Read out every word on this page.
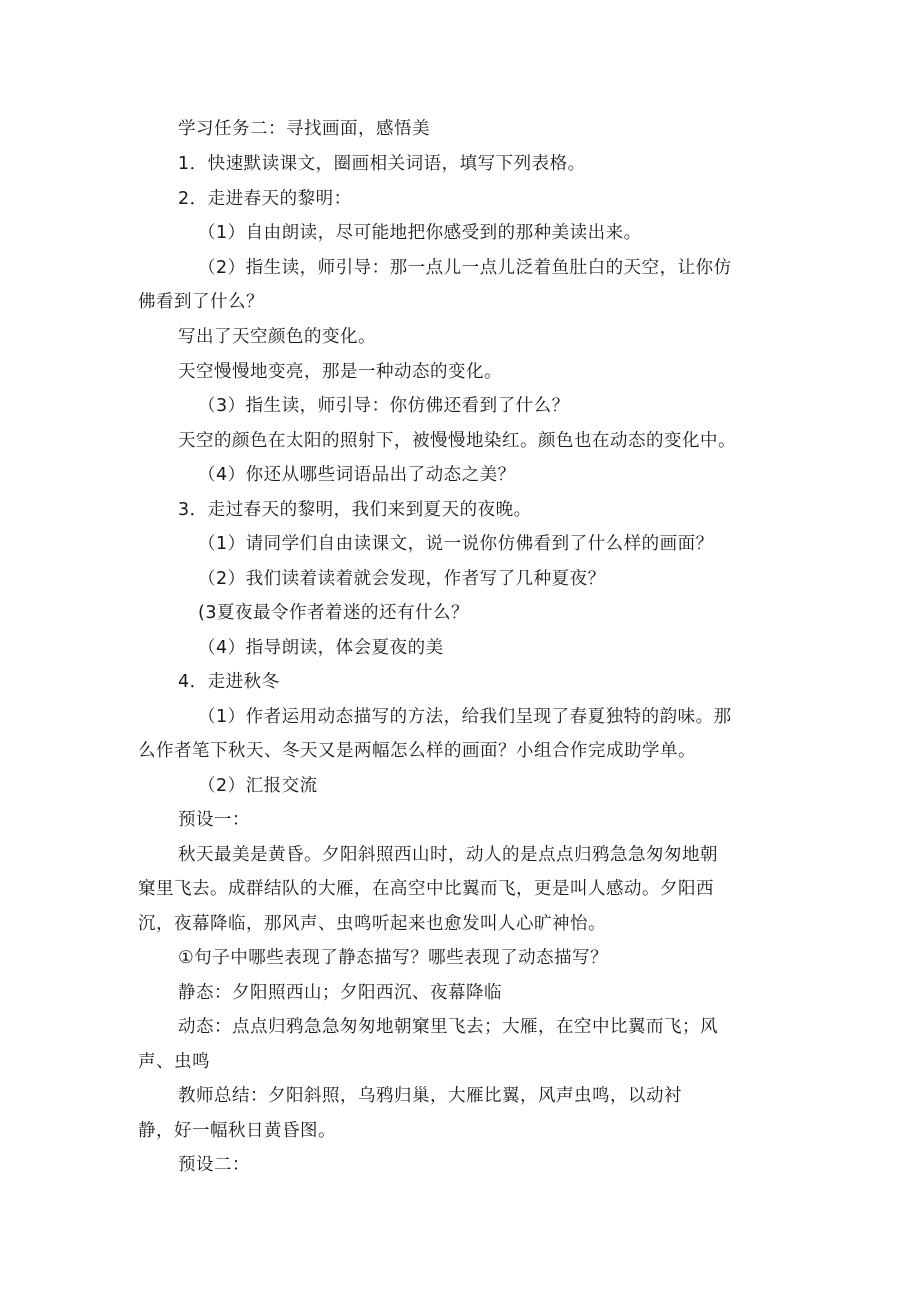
学习任务二：寻找画面，感悟美
1．快速默读课文，圈画相关词语，填写下列表格。
2．走进春天的黎明：
（1）自由朗读，尽可能地把你感受到的那种美读出来。
（2）指生读，师引导：那一点儿一点儿泛着鱼肚白的天空，让你仿
佛看到了什么？
写出了天空颜色的变化。
天空慢慢地变亮，那是一种动态的变化。
（3）指生读，师引导：你仿佛还看到了什么？
天空的颜色在太阳的照射下，被慢慢地染红。颜色也在动态的变化中。
（4）你还从哪些词语品出了动态之美？
3．走过春天的黎明，我们来到夏天的夜晚。
（1）请同学们自由读课文，说一说你仿佛看到了什么样的画面？
（2）我们读着读着就会发现，作者写了几种夏夜？
(3夏夜最令作者着迷的还有什么？
（4）指导朗读，体会夏夜的美
4．走进秋冬
（1）作者运用动态描写的方法，给我们呈现了春夏独特的韵味。那
么作者笔下秋天、冬天又是两幅怎么样的画面？小组合作完成助学单。
（2）汇报交流
预设一：
秋天最美是黄昏。夕阳斜照西山时，动人的是点点归鸦急急匆匆地朝
窠里飞去。成群结队的大雁，在高空中比翼而飞，更是叫人感动。夕阳西
沉，夜幕降临，那风声、虫鸣听起来也愈发叫人心旷神怡。
①句子中哪些表现了静态描写？哪些表现了动态描写？
静态：夕阳照西山；夕阳西沉、夜幕降临
动态：点点归鸦急急匆匆地朝窠里飞去；大雁，在空中比翼而飞；风
声、虫鸣
教师总结：夕阳斜照，乌鸦归巢，大雁比翼，风声虫鸣，以动衬
静，好一幅秋日黄昏图。
预设二：
